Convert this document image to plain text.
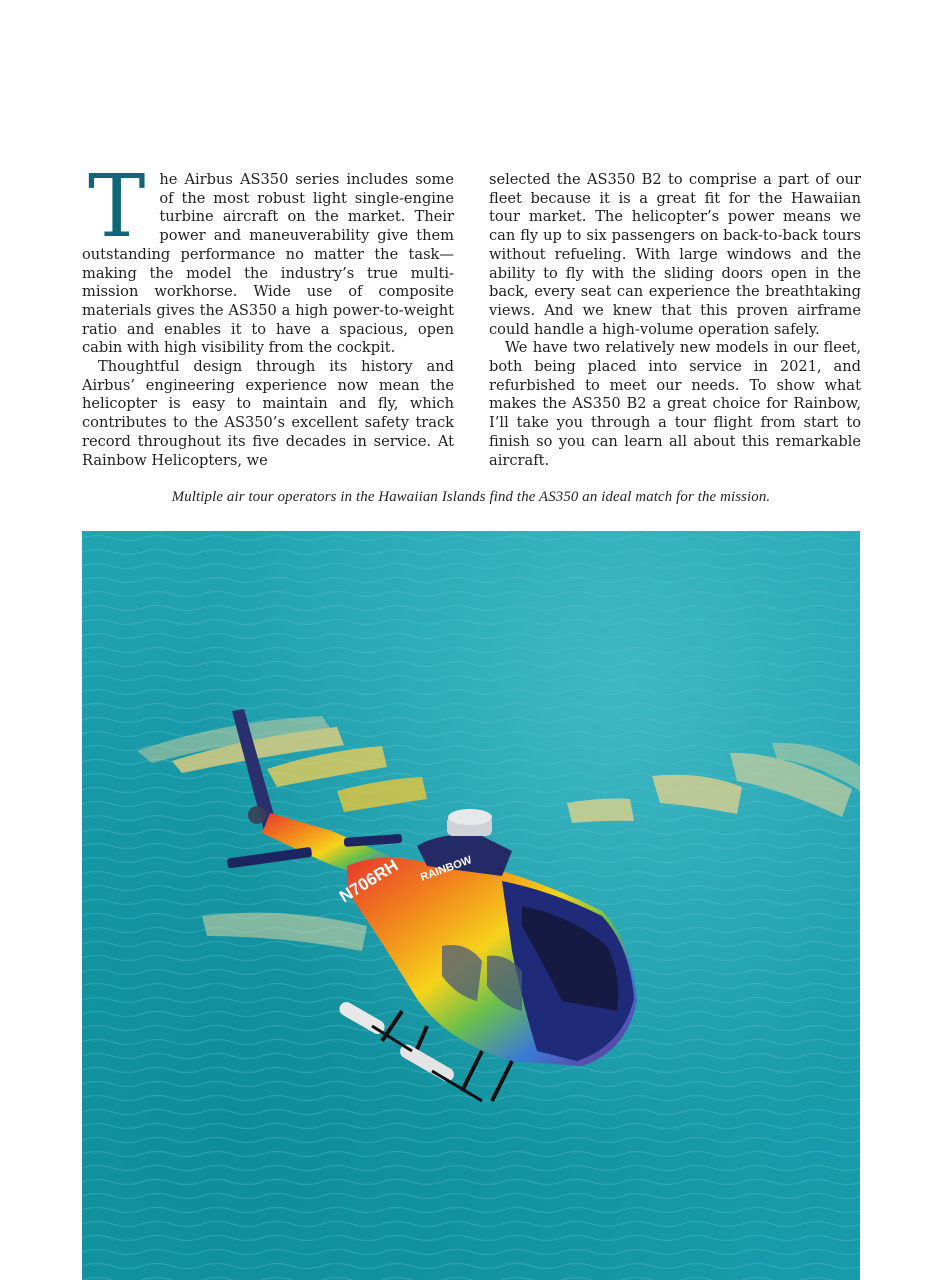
The Airbus AS350 series includes some of the most robust light single-engine turbine aircraft on the market. Their power and maneuverability give them outstanding performance no matter the task—making the model the industry’s true multi-mission workhorse. Wide use of composite materials gives the AS350 a high power-to-weight ratio and enables it to have a spacious, open cabin with high visibility from the cockpit.

Thoughtful design through its history and Airbus’ engineering experience now mean the helicopter is easy to maintain and fly, which contributes to the AS350’s excellent safety track record throughout its five decades in service. At Rainbow Helicopters, we

selected the AS350 B2 to comprise a part of our fleet because it is a great fit for the Hawaiian tour market. The helicopter’s power means we can fly up to six passengers on back-to-back tours without refueling. With large windows and the ability to fly with the sliding doors open in the back, every seat can experience the breathtaking views. And we knew that this proven airframe could handle a high-volume operation safely.

We have two relatively new models in our fleet, both being placed into service in 2021, and refurbished to meet our needs. To show what makes the AS350 B2 a great choice for Rainbow, I’ll take you through a tour flight from start to finish so you can learn all about this remarkable aircraft.

Multiple air tour operators in the Hawaiian Islands find the AS350 an ideal match for the mission.
N706RH RAINBOW
